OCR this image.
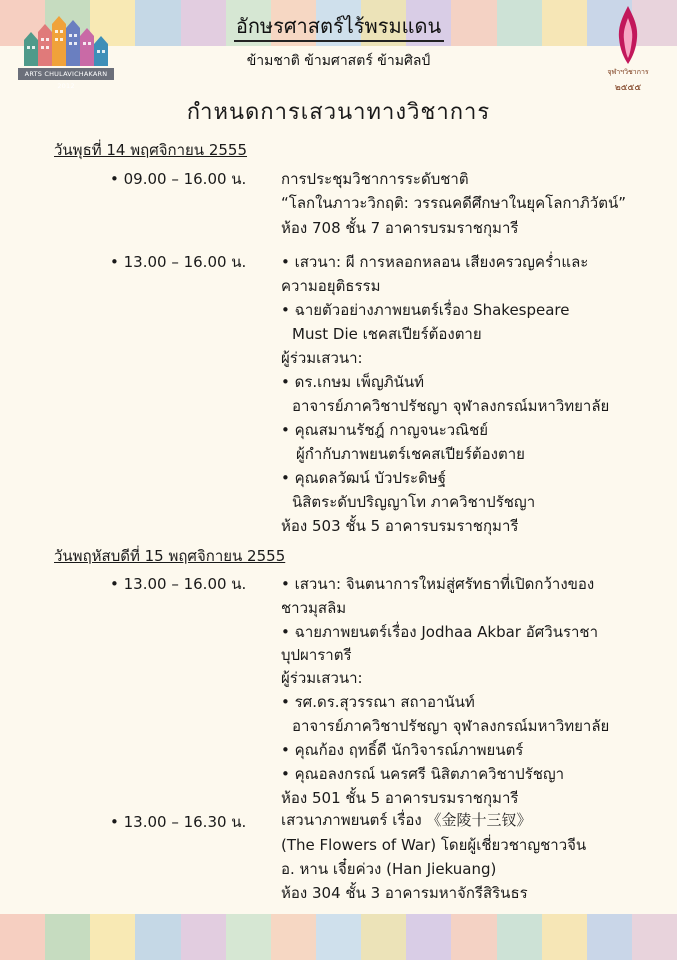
ARTS CHULAVICHAKARN 2012
อักษรศาสตร์ไร้พรมแดน
ข้ามชาติ ข้ามศาสตร์ ข้ามศิลป์
จุฬาฯวิชาการ
๒๕๕๕
กำหนดการเสวนาทางวิชาการ
วันพุธที่ 14 พฤศจิกายน 2555
• 09.00 – 16.00 น. การประชุมวิชาการระดับชาติ
“โลกในภาวะวิกฤติ: วรรณคดีศึกษาในยุคโลกาภิวัตน์”
ห้อง 708 ชั้น 7 อาคารบรมราชกุมารี
• 13.00 – 16.00 น. • เสวนา: ผี การหลอกหลอน เสียงครวญคร่ำและ
ความอยุติธรรม
• ฉายตัวอย่างภาพยนตร์เรื่อง Shakespeare
Must Die เชคสเปียร์ต้องตาย
ผู้ร่วมเสวนา:
• ดร.เกษม เพ็ญภินันท์
อาจารย์ภาควิชาปรัชญา จุฬาลงกรณ์มหาวิทยาลัย
• คุณสมานรัชฎ์ กาญจนะวณิชย์
ผู้กำกับภาพยนตร์เชคสเปียร์ต้องตาย
• คุณดลวัฒน์ บัวประดิษฐ์
นิสิตระดับปริญญาโท ภาควิชาปรัชญา
ห้อง 503 ชั้น 5 อาคารบรมราชกุมารี
วันพฤหัสบดีที่ 15 พฤศจิกายน 2555
• 13.00 – 16.00 น. • เสวนา: จินตนาการใหม่สู่ศรัทธาที่เปิดกว้างของ
ชาวมุสลิม
• ฉายภาพยนตร์เรื่อง Jodhaa Akbar อัศวินราชา
บุปผาราตรี
ผู้ร่วมเสวนา:
• รศ.ดร.สุวรรณา สถาอานันท์
อาจารย์ภาควิชาปรัชญา จุฬาลงกรณ์มหาวิทยาลัย
• คุณก้อง ฤทธิ์ดี นักวิจารณ์ภาพยนตร์
• คุณอลงกรณ์ นครศรี นิสิตภาควิชาปรัชญา
ห้อง 501 ชั้น 5 อาคารบรมราชกุมารี
• 13.00 – 16.30 น. เสวนาภาพยนตร์ เรื่อง 《金陵十三钗》
(The Flowers of War) โดยผู้เชี่ยวชาญชาวจีน
อ. หาน เจี๋ยค่วง (Han Jiekuang)
ห้อง 304 ชั้น 3 อาคารมหาจักรีสิรินธร
